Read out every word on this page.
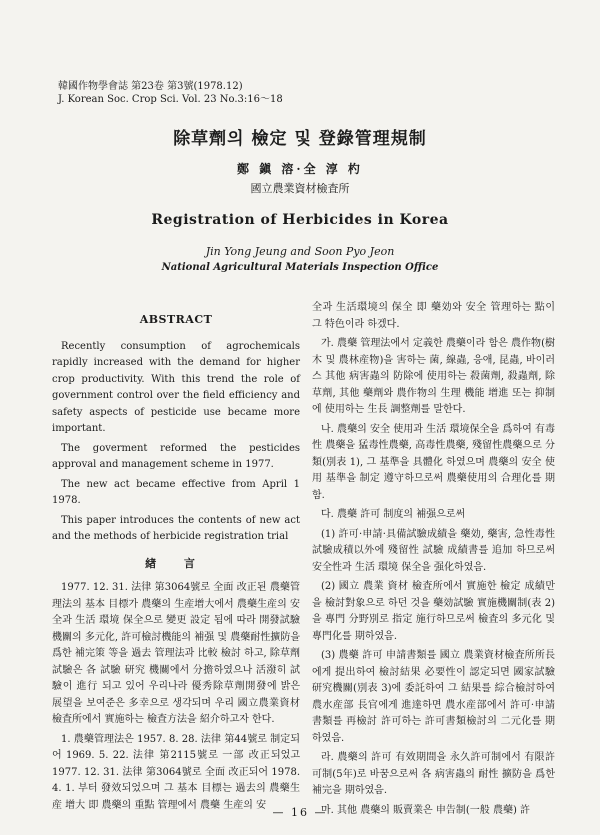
韓國作物學會誌 第23卷 第3號(1978.12)
J. Korean Soc. Crop Sci. Vol. 23 No.3:16～18
除草劑의 檢定 및 登錄管理規制
鄭 鎭 溶·全 淳 杓
國立農業資材檢査所
Registration of Herbicides in Korea
Jin Yong Jeung and Soon Pyo Jeon
National Agricultural Materials Inspection Office
ABSTRACT

Recently consumption of agrochemicals rapidly increased with the demand for higher crop productivity. With this trend the role of government control over the field efficiency and safety aspects of pesticide use became more important.

The goverment reformed the pesticides approval and management scheme in 1977.

The new act became effective from April 1 1978.

This paper introduces the contents of new act and the methods of herbicide registration trial

緖 言

1977. 12. 31. 法律 第3064號로 全面 改正된 農藥管理法의 基本 目標가 農藥의 生産增大에서 農藥生産의 安全과 生活 環境 保全으로 變更 設定 됨에 따라 開發試驗機關의 多元化, 許可檢討機能의 補强 및 農藥耐性擴防을 爲한 補完策 等을 過去 管理法과 比較 檢討 하고, 除草劑 試驗은 各 試驗 研究 機關에서 分擔하였으나 活潑히 試驗이 進行 되고 있어 우리나라 優秀除草劑開發에 밝은 展望을 보여준은 多幸으로 생각되며 우리 國立農業資材檢査所에서 實施하는 檢査方法을 紹介하고자 한다.

1. 農藥管理法은 1957. 8. 28. 法律 第44號로 制定되어 1969. 5. 22. 法律 第2115號로 一部 改正되었고 1977. 12. 31. 法律 第3064號로 全面 改正되어 1978. 4. 1. 부터 發效되었으며 그 基本 目標는 過去의 農藥生産 增大 即 農藥의 重點 管理에서 農藥 生産의 安

全과 生活環境의 保全 即 藥効와 安全 管理하는 點이 그 特色이라 하겠다.

가. 農藥 管理法에서 定義한 農藥이라 함은 農作物(樹木 및 農林産物)을 害하는 菌, 線蟲, 응애, 昆蟲, 바이러스 其他 病害蟲의 防除에 使用하는 殺菌劑, 殺蟲劑, 除草劑, 其他 藥劑와 農作物의 生理 機能 增進 또는 抑制에 使用하는 生長 調整劑를 말한다.

나. 農藥의 安全 使用과 生活 環境保全을 爲하여 有毒性 農藥을 猛毒性農藥, 高毒性農藥, 殘留性農藥으로 分類(別表 1), 그 基準을 具體化 하였으며 農藥의 安全 使用 基準을 制定 遵守하므로써 農藥使用의 合理化를 期함.

다. 農藥 許可 制度의 補强으로써

(1) 許可·申請·具備試驗成績을 藥効, 藥害, 急性毒性 試驗成積以外에 殘留性 試驗 成績書를 追加 하므로써 安全性과 生活 環境 保全을 强化하였음.

(2) 國立 農業 資材 檢査所에서 實施한 檢定 成績만을 檢討對象으로 하던 것을 藥効試驗 實施機關制(表 2)을 專門 分野別로 指定 施行하므로써 檢査의 多元化 및 專門化를 期하였음.

(3) 農藥 許可 申請書類를 國立 農業資材檢査所所長에게 提出하여 檢討結果 必要性이 認定되면 國家試驗研究機關(別表 3)에 委託하여 그 結果를 綜合檢討하여 農水産部 長官에게 進達하면 農水産部에서 許可·申請書類를 再檢討 許可하는 許可書類檢討의 二元化를 期하였음.

라. 農藥의 許可 有效期間을 永久許可制에서 有限許可制(5年)로 바꿈으로써 各 病害蟲의 耐性 擴防을 爲한 補完을 期하였음.

마. 其他 農藥의 販賣業은 申告制(一般 農藥) 許

— 16 —
